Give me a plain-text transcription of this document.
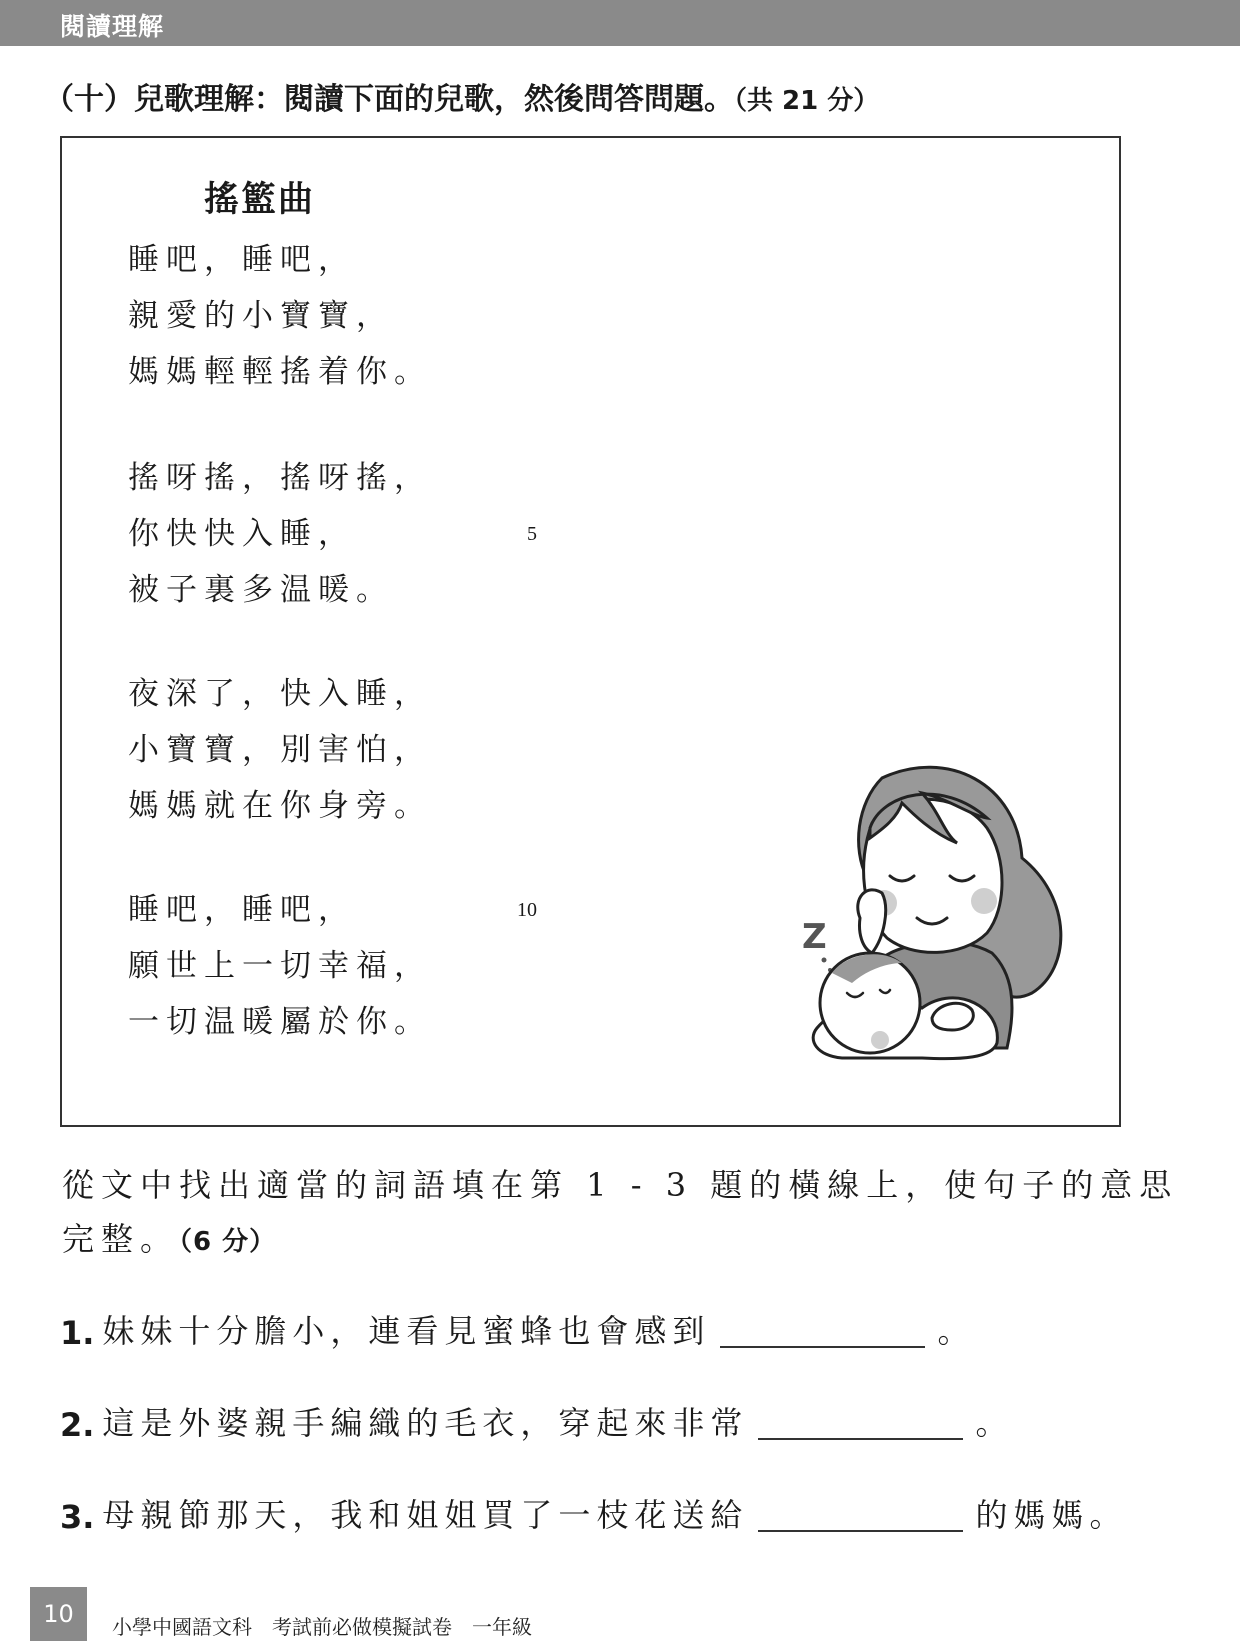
閱讀理解
（十）兒歌理解：閱讀下面的兒歌，然後問答問題。（共 21 分）
搖籃曲
睡吧，睡吧，
親愛的小寶寶，
媽媽輕輕搖着你。
搖呀搖，搖呀搖，
你快快入睡，	5
被子裏多温暖。
夜深了，快入睡，
小寶寶，別害怕，
媽媽就在你身旁。
睡吧，睡吧，	10
願世上一切幸福，
一切温暖屬於你。
Z
從文中找出適當的詞語填在第 1 - 3 題的橫線上，使句子的意思
完整。（6 分）
1. 妹妹十分膽小，連看見蜜蜂也會感到	。
2. 這是外婆親手編織的毛衣，穿起來非常	。
3. 母親節那天，我和姐姐買了一枝花送給	的媽媽。
10	小學中國語文科　考試前必做模擬試卷　一年級
